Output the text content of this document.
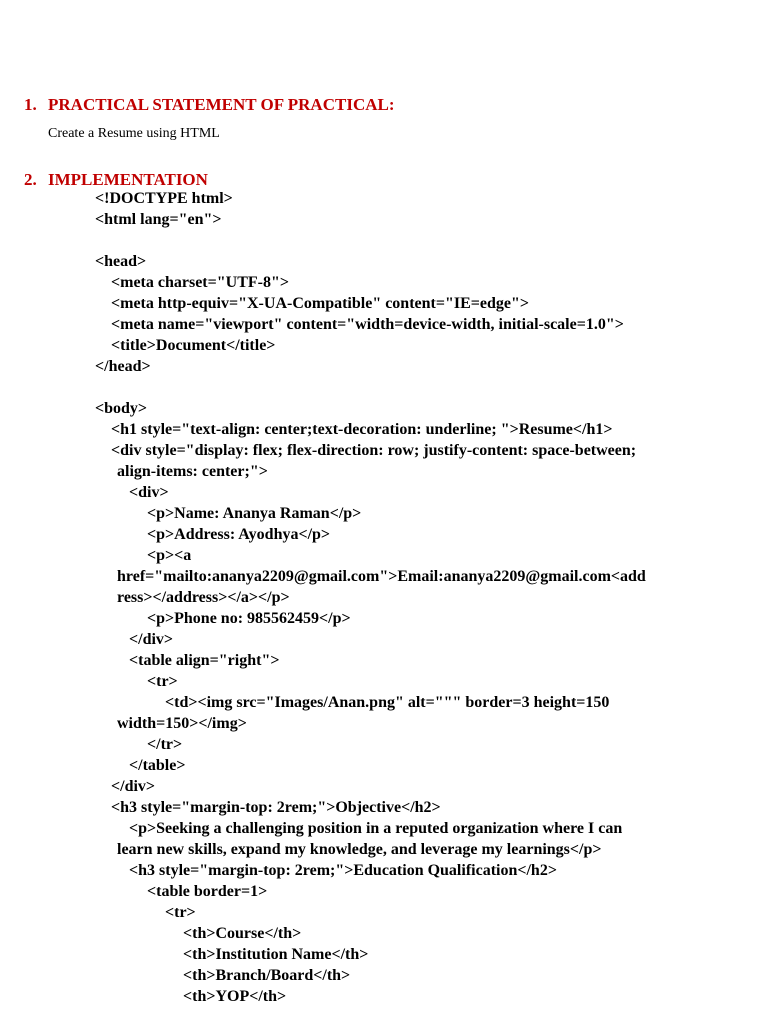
1. PRACTICAL STATEMENT OF PRACTICAL:
Create a Resume using HTML
2. IMPLEMENTATION
<!DOCTYPE html>
<html lang="en">
<head>
<meta charset="UTF-8">
<meta http-equiv="X-UA-Compatible" content="IE=edge">
<meta name="viewport" content="width=device-width, initial-scale=1.0">
<title>Document</title>
</head>
<body>
<h1 style="text-align: center;text-decoration: underline; ">Resume</h1>
<div style="display: flex; flex-direction: row; justify-content: space-between;
align-items: center;">
<div>
<p>Name: Ananya Raman</p>
<p>Address: Ayodhya</p>
<p><a
href="mailto:ananya2209@gmail.com">Email:ananya2209@gmail.com<add
ress></address></a></p>
<p>Phone no: 985562459</p>
</div>
<table align="right">
<tr>
<td><img src="Images/Anan.png" alt=""" border=3 height=150
width=150></img>
</tr>
</table>
</div>
<h3 style="margin-top: 2rem;">Objective</h2>
<p>Seeking a challenging position in a reputed organization where I can
learn new skills, expand my knowledge, and leverage my learnings</p>
<h3 style="margin-top: 2rem;">Education Qualification</h2>
<table border=1>
<tr>
<th>Course</th>
<th>Institution Name</th>
<th>Branch/Board</th>
<th>YOP</th>
